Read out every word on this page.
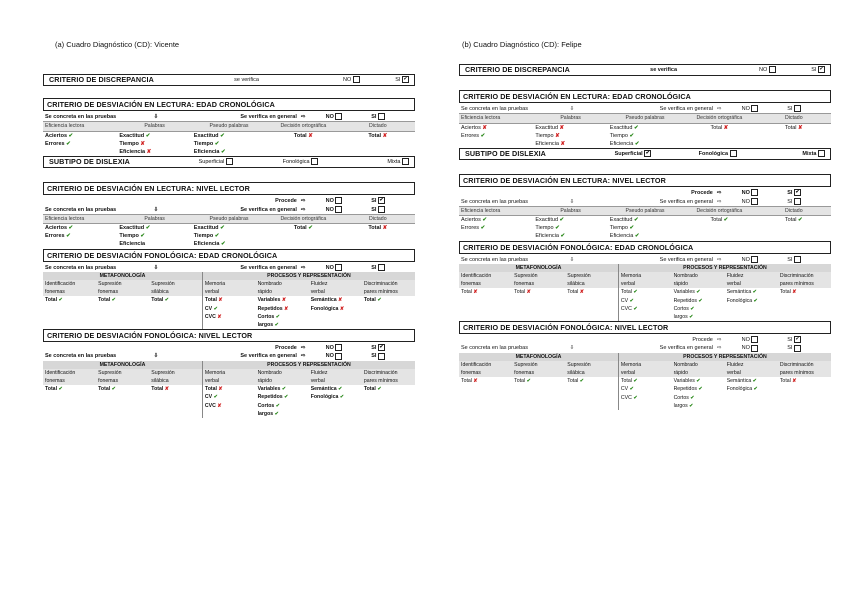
(a) Cuadro Diagnóstico (CD): Vicente	(b) Cuadro Diagnóstico (CD): Felipe
CRITERIO DE DISCREPANCIA	se verifica	NO	SI ✔
CRITERIO DE DESVIACIÓN EN LECTURA: EDAD CRONOLÓGICA
Se concreta en las pruebas	⇩	Se verifica en general	⇨	NO	SI
Eficiencia lectora	Palabras	Pseudo palabras	Decisión ortográfica	Dictado
Aciertos ✔	Exactitud ✔	Exactitud ✔	Total ✘	Total ✘
Errores ✔	Tiempo ✘	Tiempo ✔		
	Eficiencia ✘	Eficiencia ✔		
SUBTIPO DE DISLEXIA	Superficial	Fonológica	Mixta
CRITERIO DE DESVIACIÓN EN LECTURA: NIVEL LECTOR
		Procede	⇨	NO	SI ✔
Se concreta en las pruebas	⇩	Se verifica en general	⇨	NO	SI
Eficiencia lectora	Palabras	Pseudo palabras	Decisión ortográfica	Dictado
Aciertos ✔	Exactitud ✔	Exactitud ✔	Total ✔	Total ✘
Errores ✔	Tiempo ✔	Tiempo ✔		
	Eficiencia	Eficiencia ✔		
CRITERIO DE DESVIACIÓN FONOLÓGICA: EDAD CRONOLÓGICA
Se concreta en las pruebas	⇩	Se verifica en general	⇨	NO	SI
METAFONOLOGÍA			PROCESOS Y REPRESENTACIÓN			
Identificación	Supresión	Supresión	Memoria	Nombrado	Fluidez	Discriminación
fonemas	fonemas	silábica	verbal	rápido	verbal	pares mínimos
Total ✔	Total ✔	Total ✔	Total ✘	Variables ✘	Semántica ✘	Total ✔
			CV ✔	Repetidos ✘	Fonológica ✘	
			CVC ✘	Cortos ✔		
				largos ✔		
CRITERIO DE DESVIACIÓN FONOLÓGICA: NIVEL LECTOR
		Procede	⇨	NO	SI ✔
Se concreta en las pruebas	⇩	Se verifica en general	⇨	NO	SI
METAFONOLOGÍA			PROCESOS Y REPRESENTACIÓN			
Identificación	Supresión	Supresión	Memoria	Nombrado	Fluidez	Discriminación
fonemas	fonemas	silábica	verbal	rápido	verbal	pares mínimos
Total ✔	Total ✔	Total ✘	Total ✘	Variables ✔	Semántica ✔	Total ✔
			CV ✔	Repetidos ✔	Fonológica ✔	
			CVC ✘	Cortos ✔		
				largos ✔		
CRITERIO DE DISCREPANCIA	se verifica	NO	SI ✔
CRITERIO DE DESVIACIÓN EN LECTURA: EDAD CRONOLÓGICA
Se concreta en las pruebas	⇩	Se verifica en general	⇨	NO	SI
Eficiencia lectora	Palabras	Pseudo palabras	Decisión ortográfica	Dictado
Aciertos ✘	Exactitud ✘	Exactitud ✔	Total ✘	Total ✘
Errores ✔	Tiempo ✘	Tiempo ✔		
	Eficiencia ✘	Eficiencia ✔		
SUBTIPO DE DISLEXIA	Superficial ✔	Fonológica	Mixta
CRITERIO DE DESVIACIÓN EN LECTURA: NIVEL LECTOR
		Procede	⇨	NO	SI ✔
Se concreta en las pruebas	⇩	Se verifica en general	⇨	NO	SI
Eficiencia lectora	Palabras	Pseudo palabras	Decisión ortográfica	Dictado
Aciertos ✔	Exactitud ✔	Exactitud ✔	Total ✔	Total ✔
Errores ✔	Tiempo ✔	Tiempo ✔		
	Eficiencia ✔	Eficiencia ✔		
CRITERIO DE DESVIACIÓN FONOLÓGICA: EDAD CRONOLÓGICA
Se concreta en las pruebas	⇩	Se verifica en general	⇨	NO	SI
METAFONOLOGÍA			PROCESOS Y REPRESENTACIÓN			
Identificación	Supresión	Supresión	Memoria	Nombrado	Fluidez	Discriminación
fonemas	fonemas	silábica	verbal	rápido	verbal	pares mínimos
Total ✘	Total ✘	Total ✘	Total ✔	Variables ✔	Semántica ✔	Total ✘
			CV ✔	Repetidos ✔	Fonológica ✔	
			CVC ✔	Cortos ✔		
				largos ✔		
CRITERIO DE DESVIACIÓN FONOLÓGICA: NIVEL LECTOR
		Procede	⇨	NO	SI ✔
Se concreta en las pruebas	⇩	Se verifica en general	⇨	NO	SI
METAFONOLOGÍA			PROCESOS Y REPRESENTACIÓN			
Identificación	Supresión	Supresión	Memoria	Nombrado	Fluidez	Discriminación
fonemas	fonemas	silábica	verbal	rápido	verbal	pares mínimos
Total ✘	Total ✔	Total ✔	Total ✔	Variables ✔	Semántica ✔	Total ✘
			CV ✔	Repetidos ✔	Fonológica ✔	
			CVC ✔	Cortos ✔		
				largos ✔		
